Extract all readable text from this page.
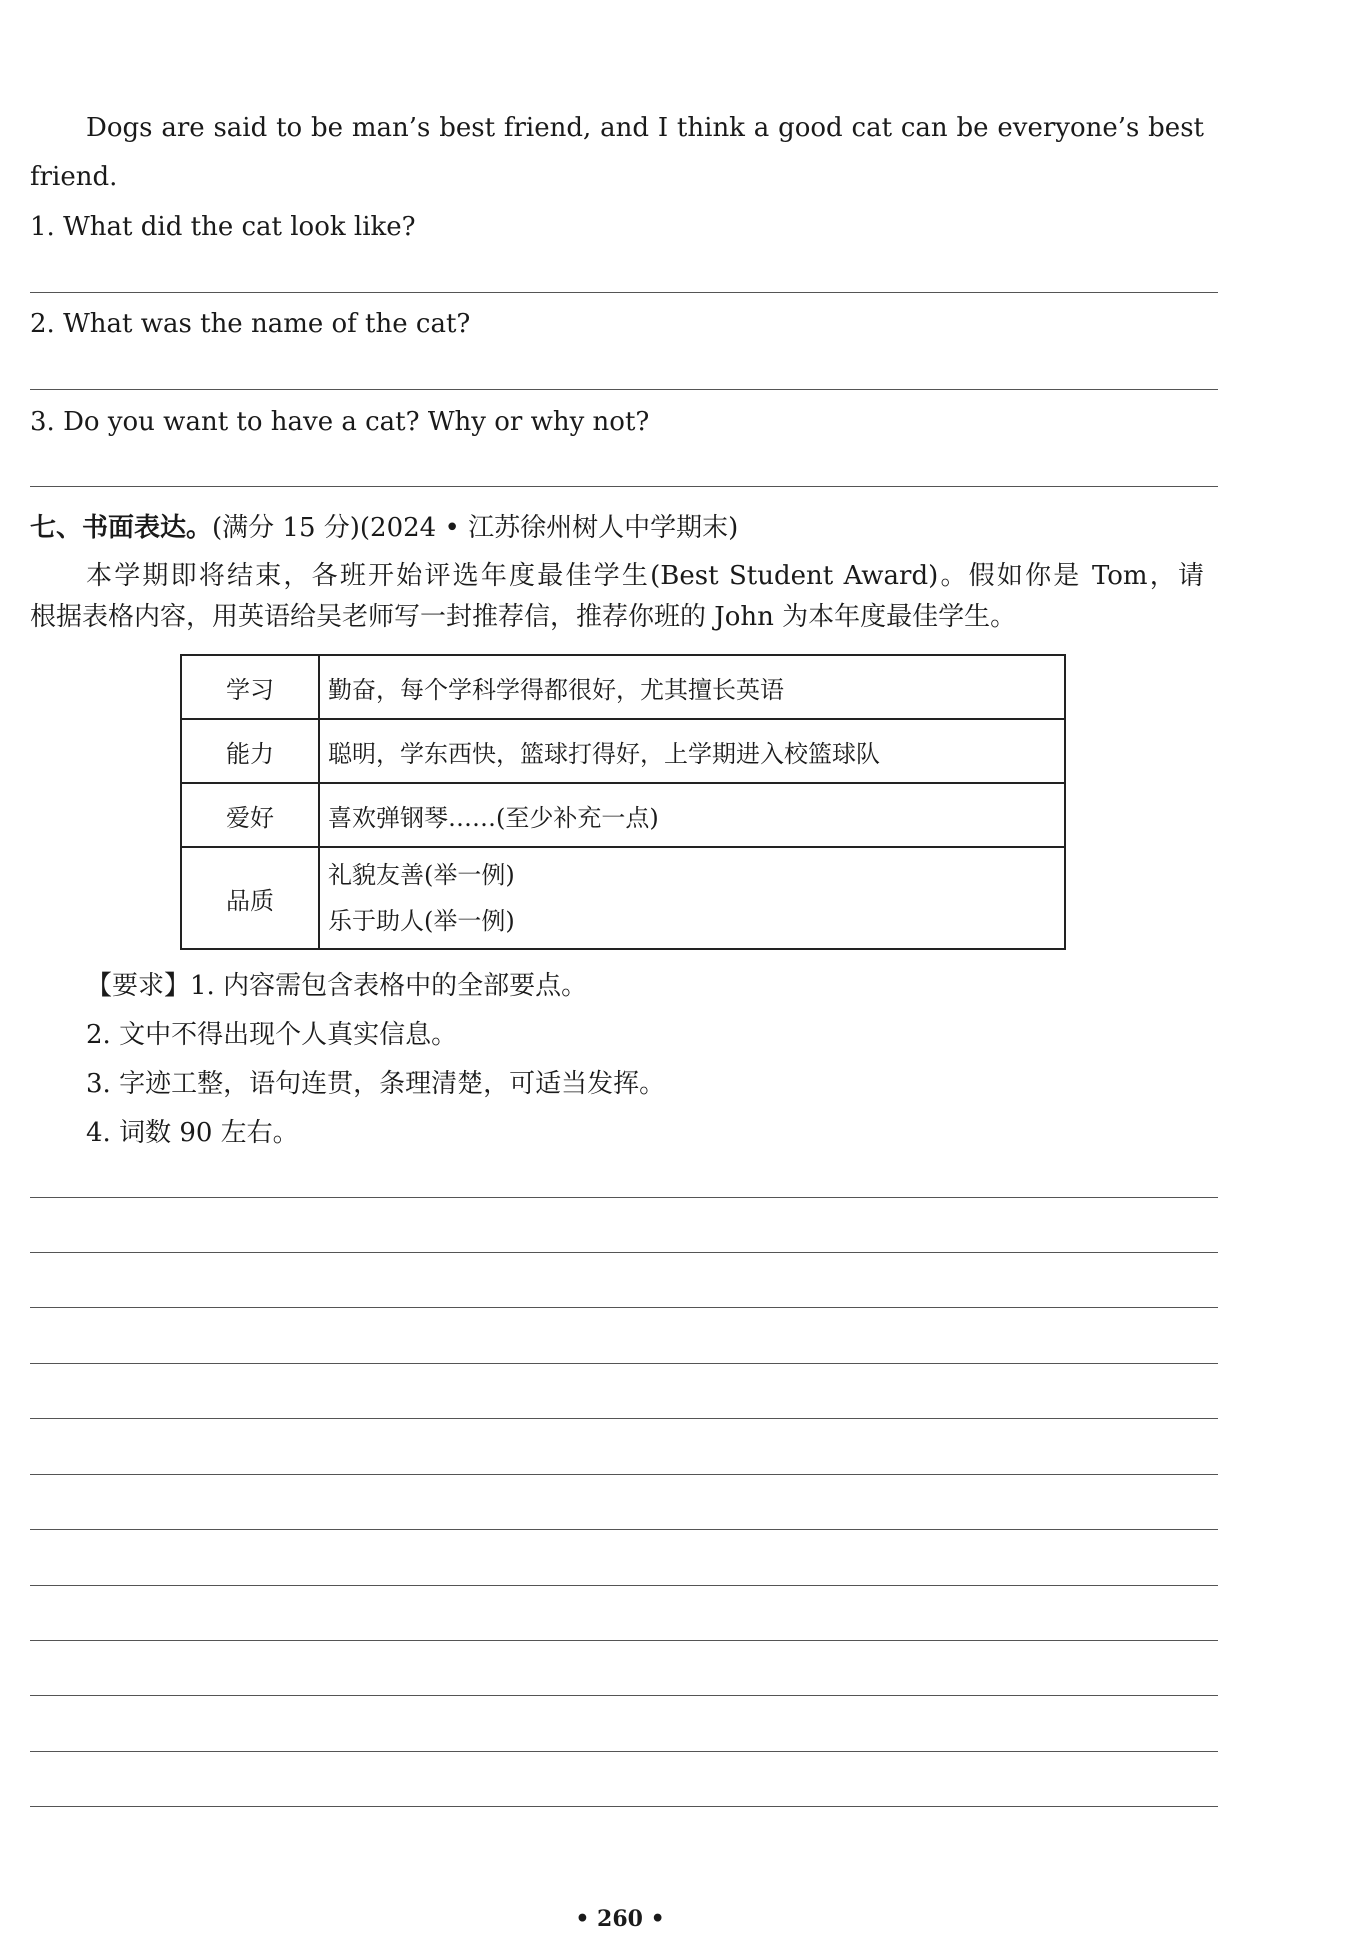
Dogs are said to be man’s best friend, and I think a good cat can be everyone’s best
friend.
1. What did the cat look like?
2. What was the name of the cat?
3. Do you want to have a cat? Why or why not?
七、书面表达。(满分 15 分)(2024 • 江苏徐州树人中学期末)
本学期即将结束，各班开始评选年度最佳学生(Best Student Award)。假如你是 Tom，请
根据表格内容，用英语给吴老师写一封推荐信，推荐你班的 John 为本年度最佳学生。
学习	勤奋，每个学科学得都很好，尤其擅长英语
能力	聪明，学东西快，篮球打得好，上学期进入校篮球队
爱好	喜欢弹钢琴……(至少补充一点)
品质	礼貌友善(举一例)
乐于助人(举一例)
【要求】1. 内容需包含表格中的全部要点。
2. 文中不得出现个人真实信息。
3. 字迹工整，语句连贯，条理清楚，可适当发挥。
4. 词数 90 左右。
• 260 •
